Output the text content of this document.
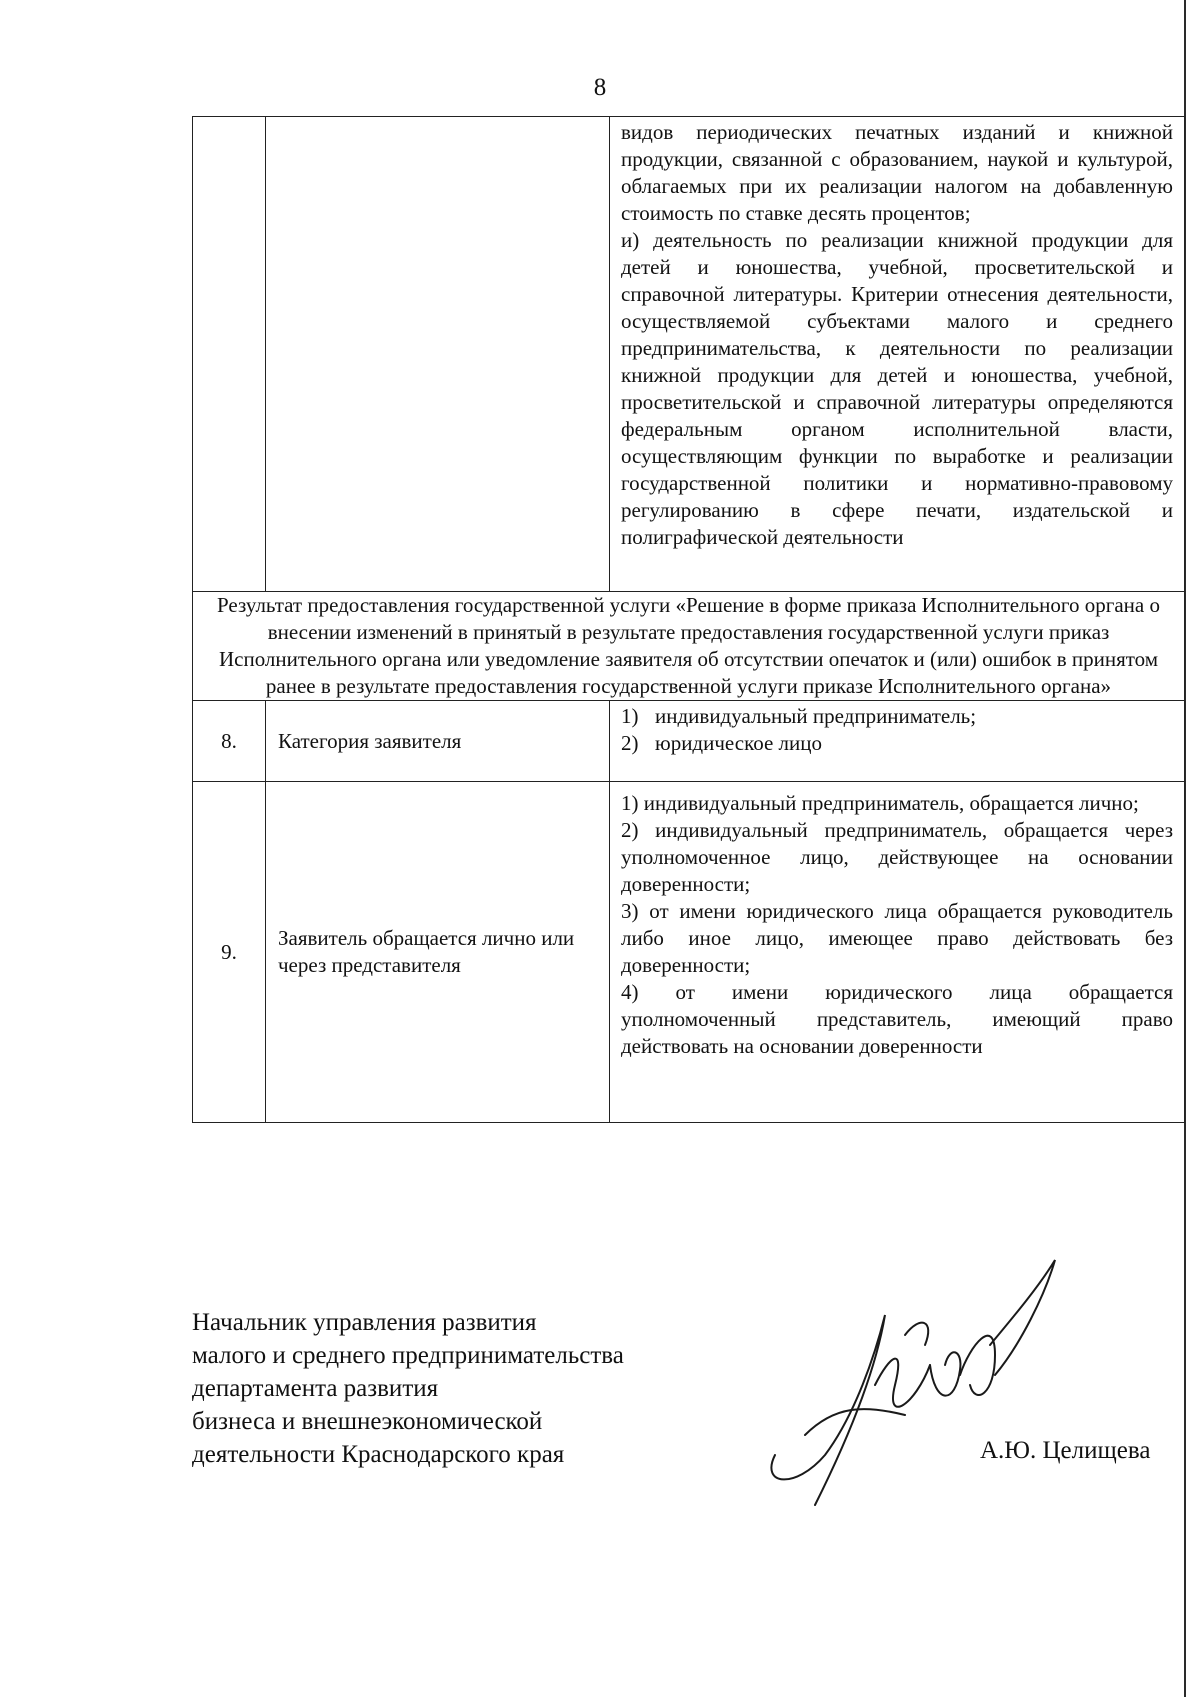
8

		видов периодических печатных изданий и книжной продукции, связанной с образованием, наукой и культурой, облагаемых при их реализации налогом на добавленную стоимость по ставке десять процентов;

и) деятельность по реализации книжной продукции для детей и юношества, учебной, просветительской и справочной литературы. Критерии отнесения деятельности, осуществляемой субъектами малого и среднего предпринимательства, к деятельности по реализации книжной продукции для детей и юношества, учебной, просветительской и справочной литературы определяются федеральным органом исполнительной власти, осуществляющим функции по выработке и реализации государственной политики и нормативно-правовому регулированию в сфере печати, издательской и полиграфической деятельности

Результат предоставления государственной услуги «Решение в форме приказа Исполнительного органа о внесении изменений в принятый в результате предоставления государственной услуги приказ Исполнительного органа или уведомление заявителя об отсутствии опечаток и (или) ошибок в принятом ранее в результате предоставления государственной услуги приказе Исполнительного органа»		
8.	Категория заявителя	1) индивидуальный предприниматель;
2) юридическое лицо

9.	Заявитель обращается лично или через представителя	1) индивидуальный предприниматель, обращается лично;

2) индивидуальный предприниматель, обращается через уполномоченное лицо, действующее на основании доверенности;

3) от имени юридического лица обращается руководитель либо иное лицо, имеющее право действовать без доверенности;

4) от имени юридического лица обращается уполномоченный представитель, имеющий право действовать на основании доверенности

Начальник управления развития
малого и среднего предпринимательства
департамента развития
бизнеса и внешнеэкономической
деятельности Краснодарского края	А.Ю. Целищева
